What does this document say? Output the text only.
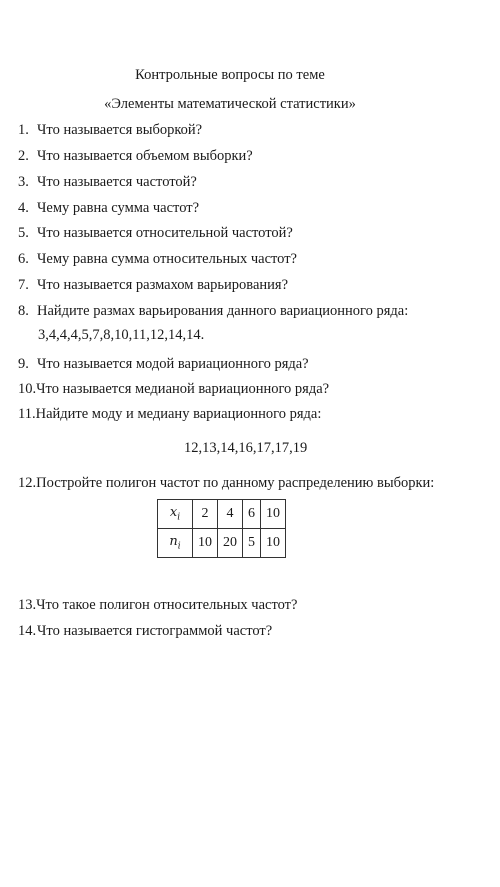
Контрольные вопросы по теме
«Элементы математической статистики»
1. Что называется выборкой?
2. Что называется объемом выборки?
3. Что называется частотой?
4. Чему равна сумма частот?
5. Что называется относительной частотой?
6. Чему равна сумма относительных частот?
7. Что называется размахом варьирования?
8. Найдите размах варьирования данного вариационного ряда:
3,4,4,4,5,7,8,10,11,12,14,14.
9. Что называется модой вариационного ряда?
10.Что называется медианой вариационного ряда?
11.Найдите моду и медиану вариационного ряда:
12,13,14,16,17,17,19
12.Постройте полигон частот по данному распределению выборки:
$x_i$	2	4	6	10
$n_i$	10	20	5	10
13.Что такое полигон относительных частот?
14.Что называется гистограммой частот?
